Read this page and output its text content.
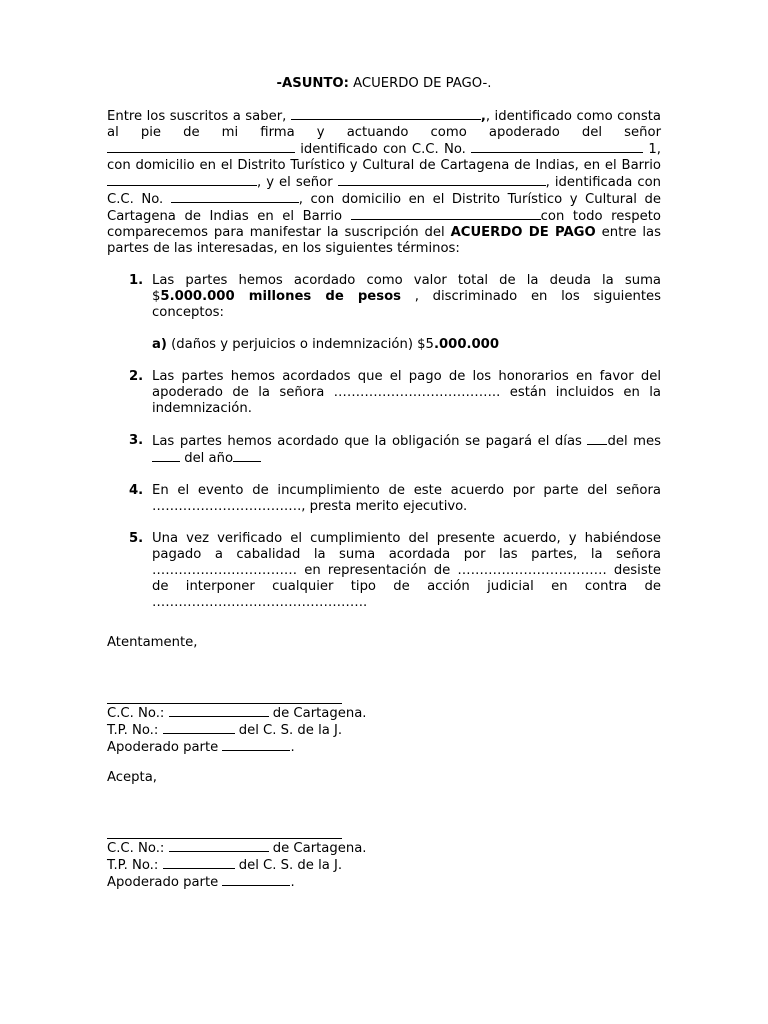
-ASUNTO: ACUERDO DE PAGO-.

Entre los suscritos a saber,	,, identificado como consta al pie de mi firma y actuando como apoderado del señor  identificado con C.C. No.	1, con domicilio en el Distrito Turístico y Cultural de Cartagena de Indias, en el Barrio , y el señor	, identificada con C.C. No.	, con domicilio en el Distrito Turístico y Cultural de Cartagena de Indias en el Barrio	con todo respeto comparecemos para manifestar la suscripción del ACUERDO DE PAGO entre las partes de las interesadas, en los siguientes términos:

1. Las partes hemos acordado como valor total de la deuda la suma $5.000.000 millones de pesos , discriminado en los siguientes conceptos:
a) (daños y perjuicios o indemnización) $5.000.000
2. Las partes hemos acordados que el pago de los honorarios en favor del apoderado de la señora ……………………………….. están incluidos en la indemnización.
3. Las partes hemos acordado que la obligación se pagará el días del mes del año
4. En el evento de incumplimiento de este acuerdo por parte del señora ……………………………., presta merito ejecutivo.
5. Una vez verificado el cumplimiento del presente acuerdo, y habiéndose pagado a cabalidad la suma acordada por las partes, la señora …………………………… en representación de ……………………………. desiste de interponer cualquier tipo de acción judicial en contra de ………………………………………….

Atentamente,

C.C. No.:	de Cartagena.
T.P. No.:	del C. S. de la J.
Apoderado parte	.

Acepta,

C.C. No.:	de Cartagena.
T.P. No.:	del C. S. de la J.
Apoderado parte	.
